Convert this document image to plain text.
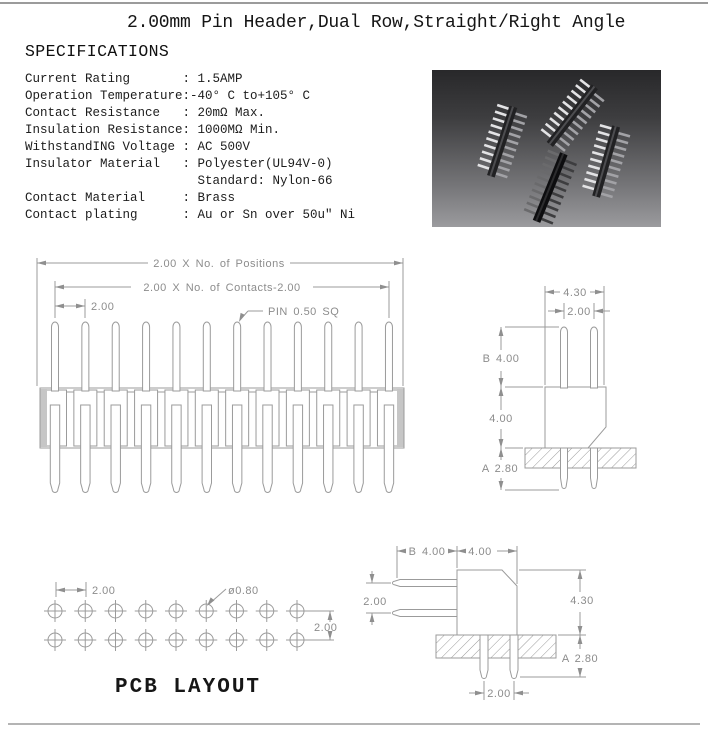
2.00mm Pin Header,Dual Row,Straight/Right Angle
SPECIFICATIONS
Current Rating       : 1.5AMP
Operation Temperature:-40° C to+105° C
Contact Resistance   : 20mΩ Max.
Insulation Resistance: 1000MΩ Min.
WithstandING Voltage : AC 500V
Insulator Material   : Polyester(UL94V-0)
Standard: Nylon-66
Contact Material     : Brass
Contact plating      : Au or Sn over 50u" Ni
2.00 X No. of Positions
2.00 X No. of Contacts-2.00
2.00	PIN 0.50 SQ
4.30
2.00
B 4.00
4.00
A 2.80
2.00	ø0.80
2.00
PCB LAYOUT
B 4.00 4.00
2.00	4.30
A 2.80
2.00
